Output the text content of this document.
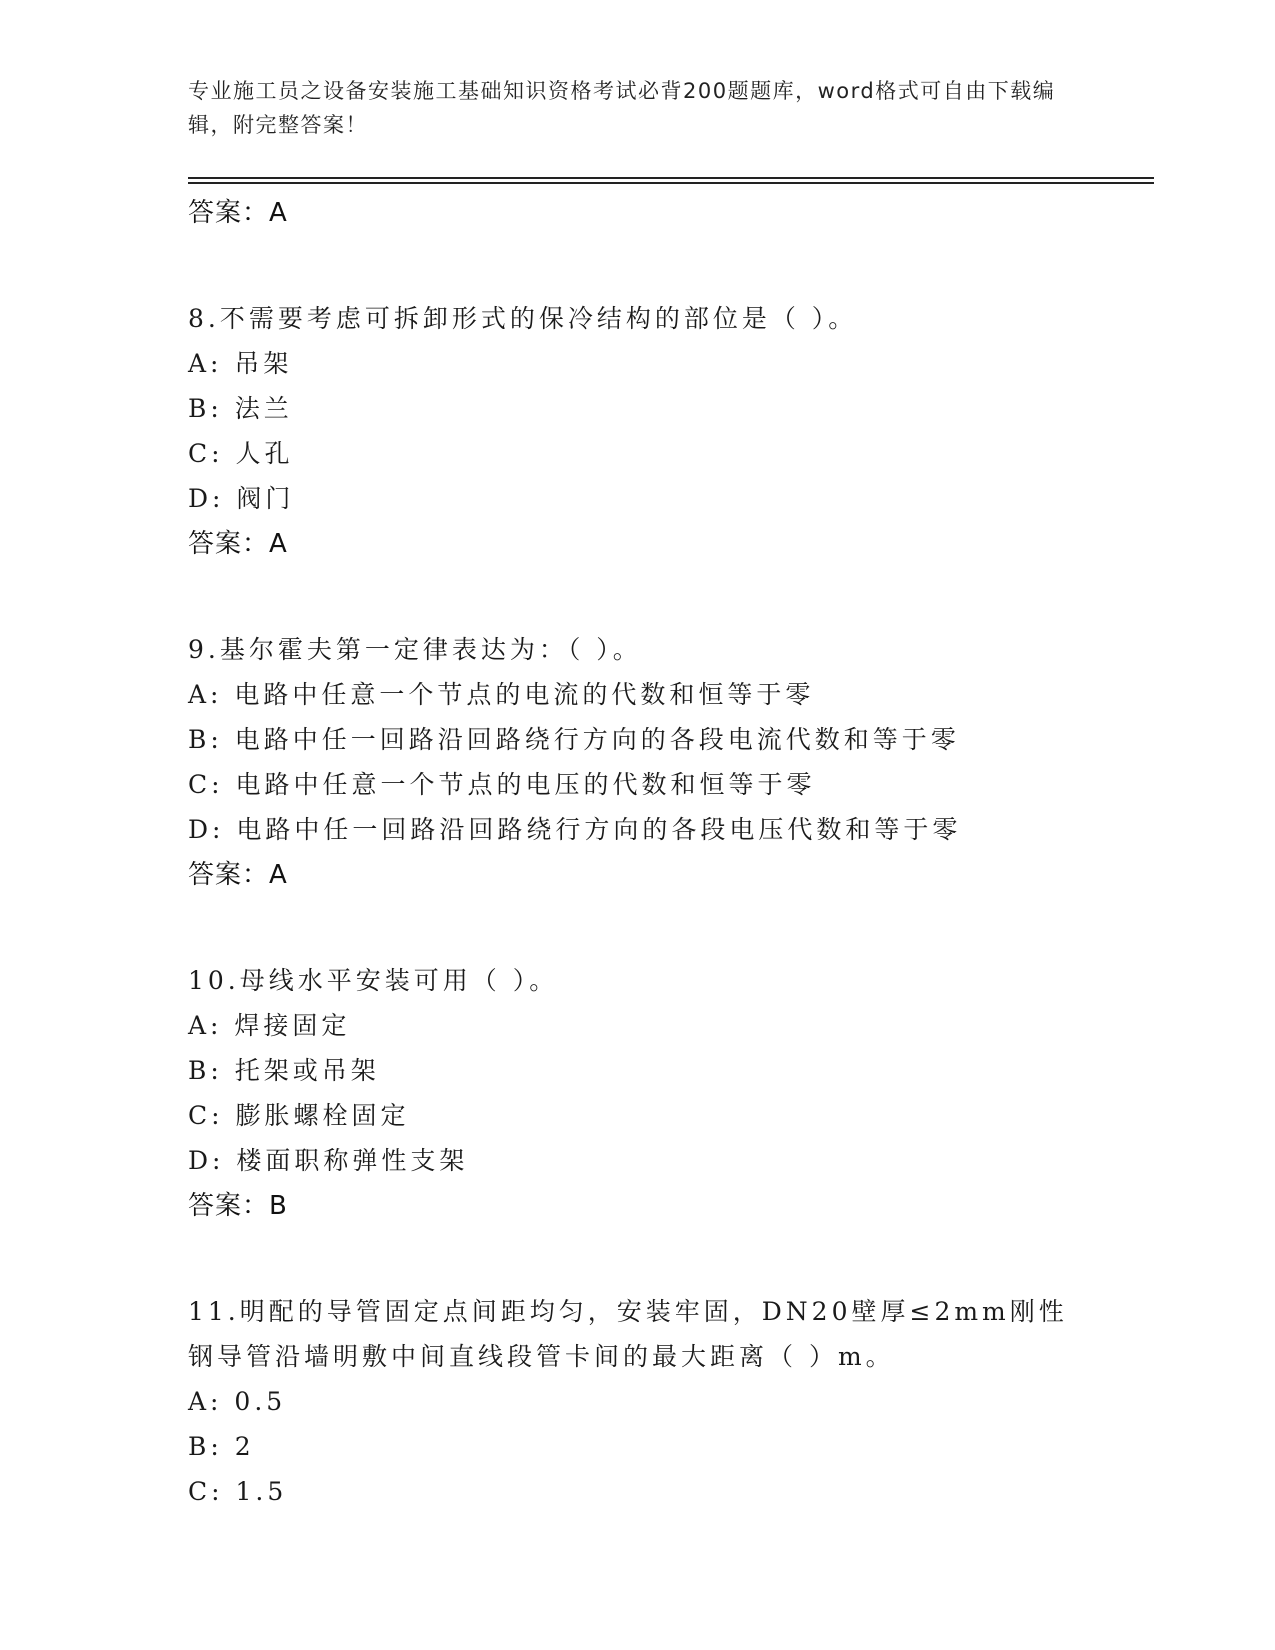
专业施工员之设备安装施工基础知识资格考试必背200题题库，word格式可自由下载编辑，附完整答案！
答案：A
8.不需要考虑可拆卸形式的保冷结构的部位是（ ）。
A: 吊架
B: 法兰
C: 人孔
D: 阀门
答案：A
9.基尔霍夫第一定律表达为：（ ）。
A: 电路中任意一个节点的电流的代数和恒等于零
B: 电路中任一回路沿回路绕行方向的各段电流代数和等于零
C: 电路中任意一个节点的电压的代数和恒等于零
D: 电路中任一回路沿回路绕行方向的各段电压代数和等于零
答案：A
10.母线水平安装可用（ ）。
A: 焊接固定
B: 托架或吊架
C: 膨胀螺栓固定
D: 楼面职称弹性支架
答案：B
11.明配的导管固定点间距均匀，安装牢固，DN20壁厚≤2mm刚性钢导管沿墙明敷中间直线段管卡间的最大距离（ ）m。
A: 0.5
B: 2
C: 1.5
